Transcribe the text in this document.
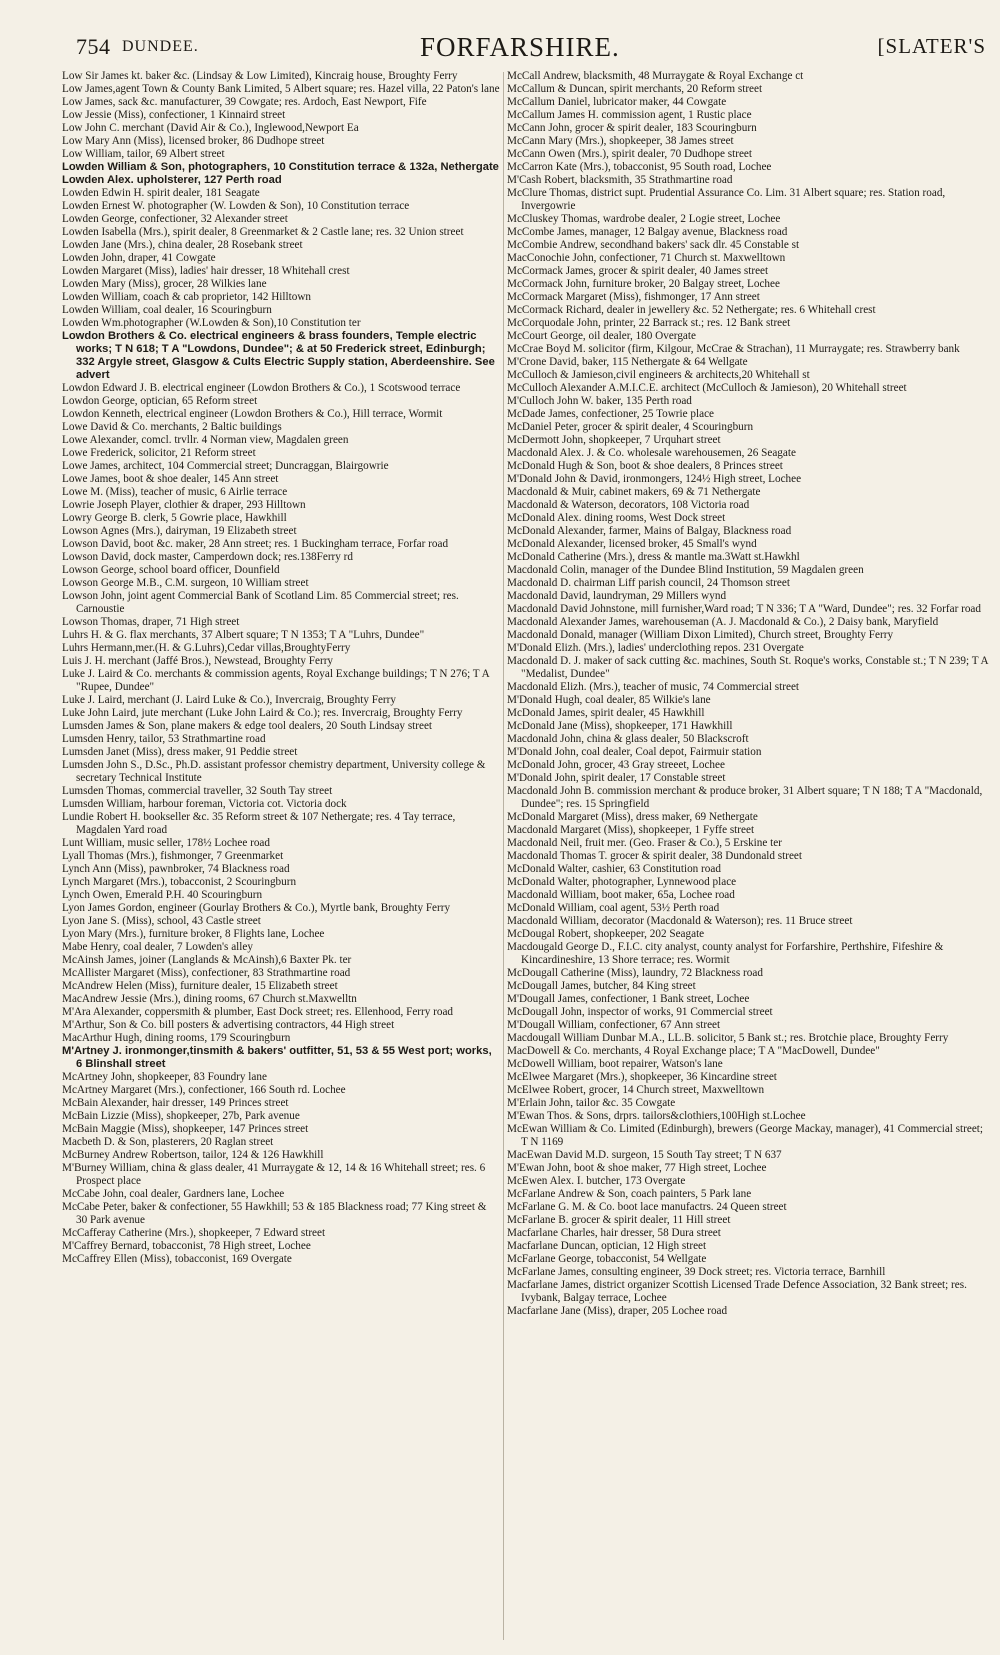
754 DUNDEE.	FORFARSHIRE.	[SLATER'S
Low Sir James kt. baker &c. (Lindsay & Low Limited), Kincraig house, Broughty Ferry
Low James,agent Town & County Bank Limited, 5 Albert square; res. Hazel villa, 22 Paton's lane
Low James, sack &c. manufacturer, 39 Cowgate; res. Ardoch, East Newport, Fife
Low Jessie (Miss), confectioner, 1 Kinnaird street
Low John C. merchant (David Air & Co.), Inglewood,Newport Ea
Low Mary Ann (Miss), licensed broker, 86 Dudhope street
Low William, tailor, 69 Albert street
Lowden William & Son, photographers, 10 Constitution terrace & 132a, Nethergate
Lowden Alex. upholsterer, 127 Perth road
Lowden Edwin H. spirit dealer, 181 Seagate
Lowden Ernest W. photographer (W. Lowden & Son), 10 Constitution terrace
Lowden George, confectioner, 32 Alexander street
Lowden Isabella (Mrs.), spirit dealer, 8 Greenmarket & 2 Castle lane; res. 32 Union street
Lowden Jane (Mrs.), china dealer, 28 Rosebank street
Lowden John, draper, 41 Cowgate
Lowden Margaret (Miss), ladies' hair dresser, 18 Whitehall crest
Lowden Mary (Miss), grocer, 28 Wilkies lane
Lowden William, coach & cab proprietor, 142 Hilltown
Lowden William, coal dealer, 16 Scouringburn
Lowden Wm.photographer (W.Lowden & Son),10 Constitution ter
Lowdon Brothers & Co. electrical engineers & brass founders, Temple electric works; T N 618; T A "Lowdons, Dundee"; & at 50 Frederick street, Edinburgh; 332 Argyle street, Glasgow & Cults Electric Supply station, Aberdeenshire. See advert
Lowdon Edward J. B. electrical engineer (Lowdon Brothers & Co.), 1 Scotswood terrace
Lowdon George, optician, 65 Reform street
Lowdon Kenneth, electrical engineer (Lowdon Brothers & Co.), Hill terrace, Wormit
Lowe David & Co. merchants, 2 Baltic buildings
Lowe Alexander, comcl. trvllr. 4 Norman view, Magdalen green
Lowe Frederick, solicitor, 21 Reform street
Lowe James, architect, 104 Commercial street; Duncraggan, Blairgowrie
Lowe James, boot & shoe dealer, 145 Ann street
Lowe M. (Miss), teacher of music, 6 Airlie terrace
Lowrie Joseph Player, clothier & draper, 293 Hilltown
Lowry George B. clerk, 5 Gowrie place, Hawkhill
Lowson Agnes (Mrs.), dairyman, 19 Elizabeth street
Lowson David, boot &c. maker, 28 Ann street; res. 1 Buckingham terrace, Forfar road
Lowson David, dock master, Camperdown dock; res.138Ferry rd
Lowson George, school board officer, Dounfield
Lowson George M.B., C.M. surgeon, 10 William street
Lowson John, joint agent Commercial Bank of Scotland Lim. 85 Commercial street; res. Carnoustie
Lowson Thomas, draper, 71 High street
Luhrs H. & G. flax merchants, 37 Albert square; T N 1353; T A "Luhrs, Dundee"
Luhrs Hermann,mer.(H. & G.Luhrs),Cedar villas,BroughtyFerry
Luis J. H. merchant (Jaffé Bros.), Newstead, Broughty Ferry
Luke J. Laird & Co. merchants & commission agents, Royal Exchange buildings; T N 276; T A "Rupee, Dundee"
Luke J. Laird, merchant (J. Laird Luke & Co.), Invercraig, Broughty Ferry
Luke John Laird, jute merchant (Luke John Laird & Co.); res. Invercraig, Broughty Ferry
Lumsden James & Son, plane makers & edge tool dealers, 20 South Lindsay street
Lumsden Henry, tailor, 53 Strathmartine road
Lumsden Janet (Miss), dress maker, 91 Peddie street
Lumsden John S., D.Sc., Ph.D. assistant professor chemistry department, University college & secretary Technical Institute
Lumsden Thomas, commercial traveller, 32 South Tay street
Lumsden William, harbour foreman, Victoria cot. Victoria dock
Lundie Robert H. bookseller &c. 35 Reform street & 107 Nethergate; res. 4 Tay terrace, Magdalen Yard road
Lunt William, music seller, 178½ Lochee road
Lyall Thomas (Mrs.), fishmonger, 7 Greenmarket
Lynch Ann (Miss), pawnbroker, 74 Blackness road
Lynch Margaret (Mrs.), tobacconist, 2 Scouringburn
Lynch Owen, Emerald P.H. 40 Scouringburn
Lyon James Gordon, engineer (Gourlay Brothers & Co.), Myrtle bank, Broughty Ferry
Lyon Jane S. (Miss), school, 43 Castle street
Lyon Mary (Mrs.), furniture broker, 8 Flights lane, Lochee
Mabe Henry, coal dealer, 7 Lowden's alley
McAinsh James, joiner (Langlands & McAinsh),6 Baxter Pk. ter
McAllister Margaret (Miss), confectioner, 83 Strathmartine road
McAndrew Helen (Miss), furniture dealer, 15 Elizabeth street
MacAndrew Jessie (Mrs.), dining rooms, 67 Church st.Maxwelltn
M'Ara Alexander, coppersmith & plumber, East Dock street; res. Ellenhood, Ferry road
M'Arthur, Son & Co. bill posters & advertising contractors, 44 High street
MacArthur Hugh, dining rooms, 179 Scouringburn
M'Artney J. ironmonger,tinsmith & bakers' outfitter, 51, 53 & 55 West port; works, 6 Blinshall street
McArtney John, shopkeeper, 83 Foundry lane
McArtney Margaret (Mrs.), confectioner, 166 South rd. Lochee
McBain Alexander, hair dresser, 149 Princes street
McBain Lizzie (Miss), shopkeeper, 27b, Park avenue
McBain Maggie (Miss), shopkeeper, 147 Princes street
Macbeth D. & Son, plasterers, 20 Raglan street
McBurney Andrew Robertson, tailor, 124 & 126 Hawkhill
M'Burney William, china & glass dealer, 41 Murraygate & 12, 14 & 16 Whitehall street; res. 6 Prospect place
McCabe John, coal dealer, Gardners lane, Lochee
McCabe Peter, baker & confectioner, 55 Hawkhill; 53 & 185 Blackness road; 77 King street & 30 Park avenue
McCafferay Catherine (Mrs.), shopkeeper, 7 Edward street
M'Caffrey Bernard, tobacconist, 78 High street, Lochee
McCaffrey Ellen (Miss), tobacconist, 169 Overgate
McCall Andrew, blacksmith, 48 Murraygate & Royal Exchange ct
McCallum & Duncan, spirit merchants, 20 Reform street
McCallum Daniel, lubricator maker, 44 Cowgate
McCallum James H. commission agent, 1 Rustic place
McCann John, grocer & spirit dealer, 183 Scouringburn
McCann Mary (Mrs.), shopkeeper, 38 James street
McCann Owen (Mrs.), spirit dealer, 70 Dudhope street
McCarron Kate (Mrs.), tobacconist, 95 South road, Lochee
M'Cash Robert, blacksmith, 35 Strathmartine road
McClure Thomas, district supt. Prudential Assurance Co. Lim. 31 Albert square; res. Station road, Invergowrie
McCluskey Thomas, wardrobe dealer, 2 Logie street, Lochee
McCombe James, manager, 12 Balgay avenue, Blackness road
McCombie Andrew, secondhand bakers' sack dlr. 45 Constable st
MacConochie John, confectioner, 71 Church st. Maxwelltown
McCormack James, grocer & spirit dealer, 40 James street
McCormack John, furniture broker, 20 Balgay street, Lochee
McCormack Margaret (Miss), fishmonger, 17 Ann street
McCormack Richard, dealer in jewellery &c. 52 Nethergate; res. 6 Whitehall crest
McCorquodale John, printer, 22 Barrack st.; res. 12 Bank street
McCourt George, oil dealer, 180 Overgate
McCrae Boyd M. solicitor (firm, Kilgour, McCrae & Strachan), 11 Murraygate; res. Strawberry bank
M'Crone David, baker, 115 Nethergate & 64 Wellgate
McCulloch & Jamieson,civil engineers & architects,20 Whitehall st
McCulloch Alexander A.M.I.C.E. architect (McCulloch & Jamieson), 20 Whitehall street
M'Culloch John W. baker, 135 Perth road
McDade James, confectioner, 25 Towrie place
McDaniel Peter, grocer & spirit dealer, 4 Scouringburn
McDermott John, shopkeeper, 7 Urquhart street
Macdonald Alex. J. & Co. wholesale warehousemen, 26 Seagate
McDonald Hugh & Son, boot & shoe dealers, 8 Princes street
M'Donald John & David, ironmongers, 124½ High street, Lochee
Macdonald & Muir, cabinet makers, 69 & 71 Nethergate
Macdonald & Waterson, decorators, 108 Victoria road
McDonald Alex. dining rooms, West Dock street
McDonald Alexander, farmer, Mains of Balgay, Blackness road
McDonald Alexander, licensed broker, 45 Small's wynd
McDonald Catherine (Mrs.), dress & mantle ma.3Watt st.Hawkhl
Macdonald Colin, manager of the Dundee Blind Institution, 59 Magdalen green
Macdonald D. chairman Liff parish council, 24 Thomson street
Macdonald David, laundryman, 29 Millers wynd
Macdonald David Johnstone, mill furnisher,Ward road; T N 336; T A "Ward, Dundee"; res. 32 Forfar road
Macdonald Alexander James, warehouseman (A. J. Macdonald & Co.), 2 Daisy bank, Maryfield
Macdonald Donald, manager (William Dixon Limited), Church street, Broughty Ferry
M'Donald Elizh. (Mrs.), ladies' underclothing repos. 231 Overgate
Macdonald D. J. maker of sack cutting &c. machines, South St. Roque's works, Constable st.; T N 239; T A "Medalist, Dundee"
Macdonald Elizh. (Mrs.), teacher of music, 74 Commercial street
M'Donald Hugh, coal dealer, 85 Wilkie's lane
McDonald James, spirit dealer, 45 Hawkhill
McDonald Jane (Miss), shopkeeper, 171 Hawkhill
Macdonald John, china & glass dealer, 50 Blackscroft
M'Donald John, coal dealer, Coal depot, Fairmuir station
McDonald John, grocer, 43 Gray streeet, Lochee
M'Donald John, spirit dealer, 17 Constable street
Macdonald John B. commission merchant & produce broker, 31 Albert square; T N 188; T A "Macdonald, Dundee"; res. 15 Springfield
McDonald Margaret (Miss), dress maker, 69 Nethergate
Macdonald Margaret (Miss), shopkeeper, 1 Fyffe street
Macdonald Neil, fruit mer. (Geo. Fraser & Co.), 5 Erskine ter
Macdonald Thomas T. grocer & spirit dealer, 38 Dundonald street
McDonald Walter, cashier, 63 Constitution road
McDonald Walter, photographer, Lynnewood place
Macdonald William, boot maker, 65a, Lochee road
McDonald William, coal agent, 53½ Perth road
Macdonald William, decorator (Macdonald & Waterson); res. 11 Bruce street
McDougal Robert, shopkeeper, 202 Seagate
Macdougald George D., F.I.C. city analyst, county analyst for Forfarshire, Perthshire, Fifeshire & Kincardineshire, 13 Shore terrace; res. Wormit
McDougall Catherine (Miss), laundry, 72 Blackness road
McDougall James, butcher, 84 King street
M'Dougall James, confectioner, 1 Bank street, Lochee
McDougall John, inspector of works, 91 Commercial street
M'Dougall William, confectioner, 67 Ann street
Macdougall William Dunbar M.A., LL.B. solicitor, 5 Bank st.; res. Brotchie place, Broughty Ferry
MacDowell & Co. merchants, 4 Royal Exchange place; T A "MacDowell, Dundee"
McDowell William, boot repairer, Watson's lane
McElwee Margaret (Mrs.), shopkeeper, 36 Kincardine street
McElwee Robert, grocer, 14 Church street, Maxwelltown
M'Erlain John, tailor &c. 35 Cowgate
M'Ewan Thos. & Sons, drprs. tailors&clothiers,100High st.Lochee
McEwan William & Co. Limited (Edinburgh), brewers (George Mackay, manager), 41 Commercial street; T N 1169
MacEwan David M.D. surgeon, 15 South Tay street; T N 637
M'Ewan John, boot & shoe maker, 77 High street, Lochee
McEwen Alex. I. butcher, 173 Overgate
McFarlane Andrew & Son, coach painters, 5 Park lane
McFarlane G. M. & Co. boot lace manufactrs. 24 Queen street
McFarlane B. grocer & spirit dealer, 11 Hill street
Macfarlane Charles, hair dresser, 58 Dura street
Macfarlane Duncan, optician, 12 High street
McFarlane George, tobacconist, 54 Wellgate
McFarlane James, consulting engineer, 39 Dock street; res. Victoria terrace, Barnhill
Macfarlane James, district organizer Scottish Licensed Trade Defence Association, 32 Bank street; res. Ivybank, Balgay terrace, Lochee
Macfarlane Jane (Miss), draper, 205 Lochee road
